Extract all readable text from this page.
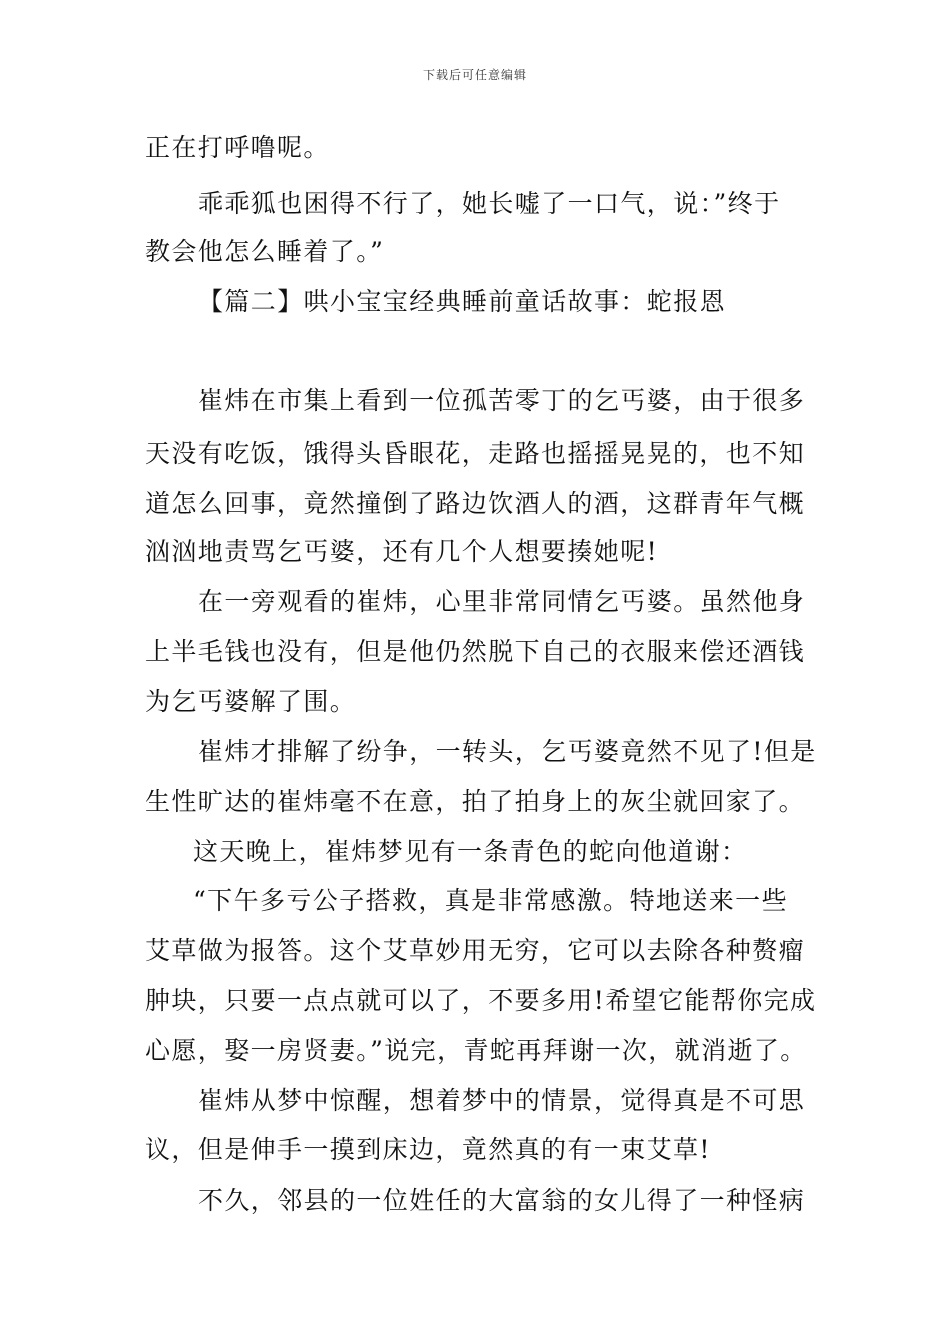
下载后可任意编辑
正在打呼噜呢。
乖乖狐也困得不行了，她长嘘了一口气，说：”终于
教会他怎么睡着了。”
【篇二】哄小宝宝经典睡前童话故事：蛇报恩
崔炜在市集上看到一位孤苦零丁的乞丐婆，由于很多
天没有吃饭，饿得头昏眼花，走路也摇摇晃晃的，也不知
道怎么回事，竟然撞倒了路边饮酒人的酒，这群青年气概
汹汹地责骂乞丐婆，还有几个人想要揍她呢!
在一旁观看的崔炜，心里非常同情乞丐婆。虽然他身
上半毛钱也没有，但是他仍然脱下自己的衣服来偿还酒钱
为乞丐婆解了围。
崔炜才排解了纷争，一转头，乞丐婆竟然不见了!但是
生性旷达的崔炜毫不在意，拍了拍身上的灰尘就回家了。
这天晚上，崔炜梦见有一条青色的蛇向他道谢：
“下午多亏公子搭救，真是非常感激。特地送来一些
艾草做为报答。这个艾草妙用无穷，它可以去除各种赘瘤
肿块，只要一点点就可以了，不要多用!希望它能帮你完成
心愿，娶一房贤妻。”说完，青蛇再拜谢一次，就消逝了。
崔炜从梦中惊醒，想着梦中的情景，觉得真是不可思
议，但是伸手一摸到床边，竟然真的有一束艾草!
不久，邻县的一位姓任的大富翁的女儿得了一种怪病
